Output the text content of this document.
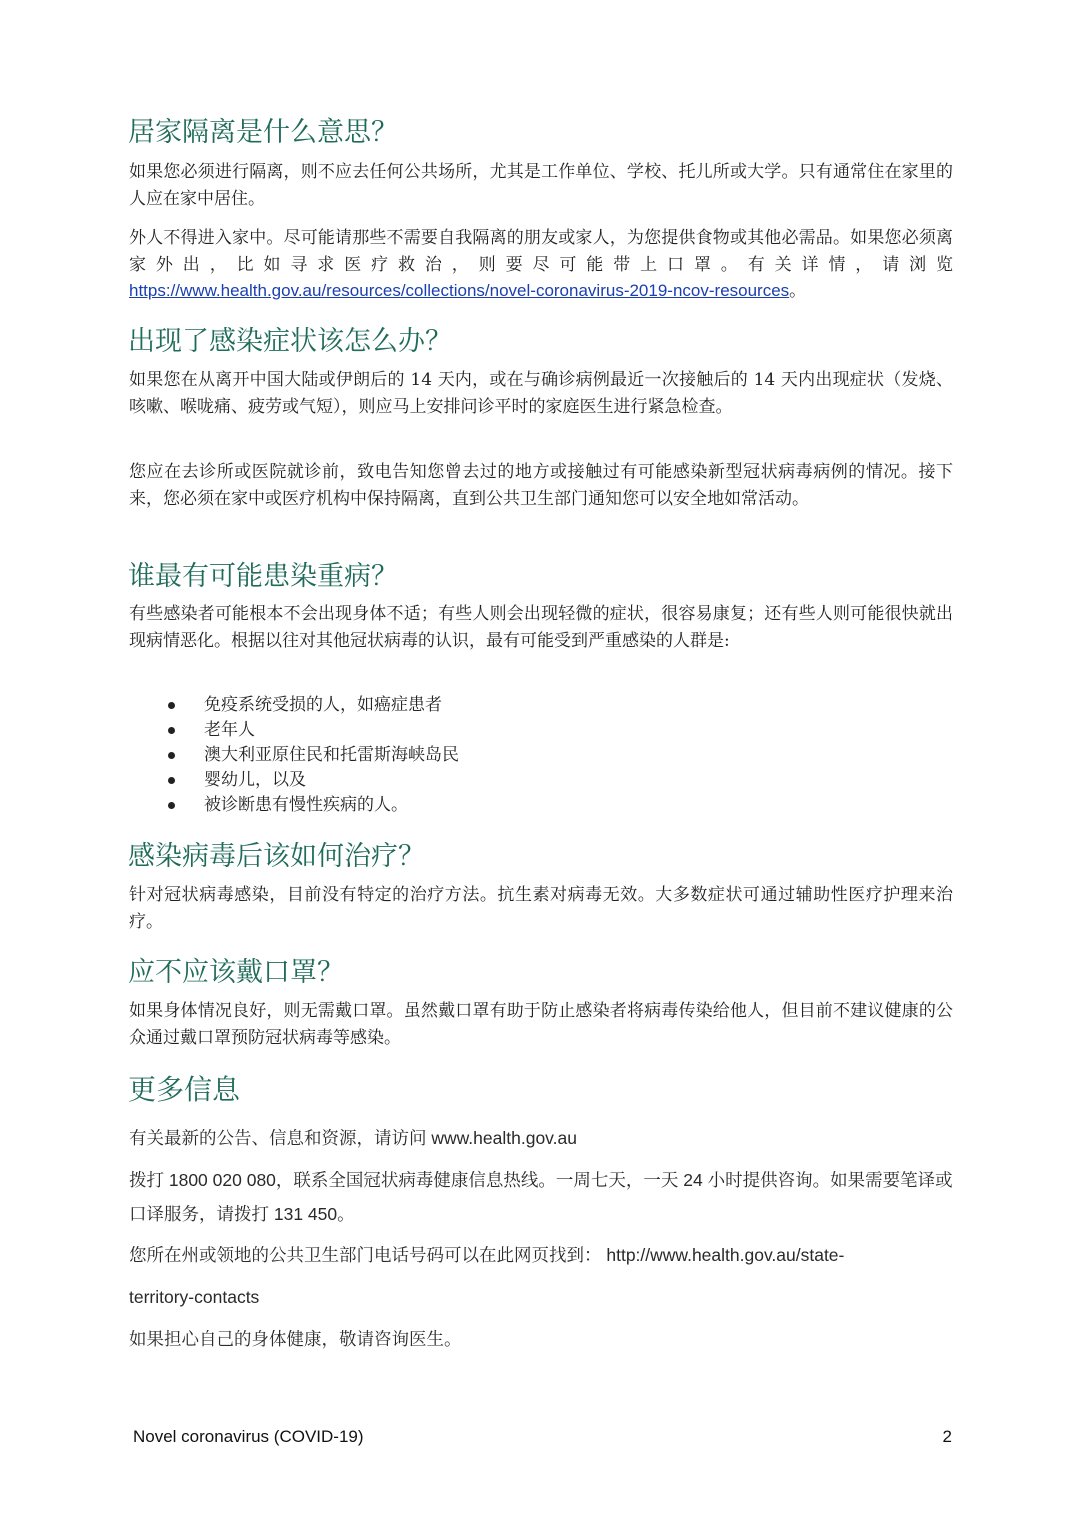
居家隔离是什么意思？

如果您必须进行隔离，则不应去任何公共场所，尤其是工作单位、学校、托儿所或大学。只有通常住在家里的人应在家中居住。

外人不得进入家中。尽可能请那些不需要自我隔离的朋友或家人，为您提供食物或其他必需品。如果您必须离家外出，比如寻求医疗救治，则要尽可能带上口罩。有关详情，请浏览https://www.health.gov.au/resources/collections/novel-coronavirus-2019-ncov-resources。

出现了感染症状该怎么办？

如果您在从离开中国大陆或伊朗后的 14 天内，或在与确诊病例最近一次接触后的 14 天内出现症状（发烧、咳嗽、喉咙痛、疲劳或气短），则应马上安排问诊平时的家庭医生进行紧急检查。

您应在去诊所或医院就诊前，致电告知您曾去过的地方或接触过有可能感染新型冠状病毒病例的情况。接下来，您必须在家中或医疗机构中保持隔离，直到公共卫生部门通知您可以安全地如常活动。

谁最有可能患染重病？

有些感染者可能根本不会出现身体不适；有些人则会出现轻微的症状，很容易康复；还有些人则可能很快就出现病情恶化。根据以往对其他冠状病毒的认识，最有可能受到严重感染的人群是:

免疫系统受损的人，如癌症患者
老年人
澳大利亚原住民和托雷斯海峡岛民
婴幼儿，以及
被诊断患有慢性疾病的人。
感染病毒后该如何治疗？

针对冠状病毒感染，目前没有特定的治疗方法。抗生素对病毒无效。大多数症状可通过辅助性医疗护理来治疗。

应不应该戴口罩？

如果身体情况良好，则无需戴口罩。虽然戴口罩有助于防止感染者将病毒传染给他人，但目前不建议健康的公众通过戴口罩预防冠状病毒等感染。

更多信息

有关最新的公告、信息和资源，请访问 www.health.gov.au

拨打 1800 020 080，联系全国冠状病毒健康信息热线。一周七天，一天 24 小时提供咨询。如果需要笔译或口译服务，请拨打 131 450。

您所在州或领地的公共卫生部门电话号码可以在此网页找到： http://www.health.gov.au/state-

territory-contacts

如果担心自己的身体健康，敬请咨询医生。

Novel coronavirus (COVID-19)	2
